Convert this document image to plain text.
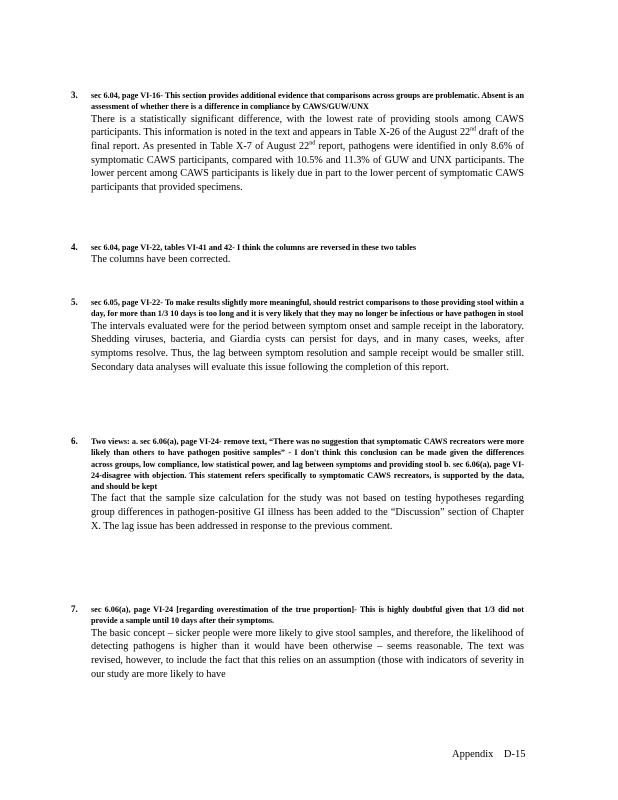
3. sec 6.04, page VI-16- This section provides additional evidence that comparisons across groups are problematic. Absent is an assessment of whether there is a difference in compliance by CAWS/GUW/UNX
There is a statistically significant difference, with the lowest rate of providing stools among CAWS participants. This information is noted in the text and appears in Table X-26 of the August 22nd draft of the final report. As presented in Table X-7 of August 22nd report, pathogens were identified in only 8.6% of symptomatic CAWS participants, compared with 10.5% and 11.3% of GUW and UNX participants. The lower percent among CAWS participants is likely due in part to the lower percent of symptomatic CAWS participants that provided specimens.
4. sec 6.04, page VI-22, tables VI-41 and 42- I think the columns are reversed in these two tables
The columns have been corrected.
5. sec 6.05, page VI-22- To make results slightly more meaningful, should restrict comparisons to those providing stool within a day, for more than 1/3 10 days is too long and it is very likely that they may no longer be infectious or have pathogen in stool
The intervals evaluated were for the period between symptom onset and sample receipt in the laboratory. Shedding viruses, bacteria, and Giardia cysts can persist for days, and in many cases, weeks, after symptoms resolve. Thus, the lag between symptom resolution and sample receipt would be smaller still. Secondary data analyses will evaluate this issue following the completion of this report.
6. Two views: a. sec 6.06(a), page VI-24- remove text, “There was no suggestion that symptomatic CAWS recreators were more likely than others to have pathogen positive samples” - I don't think this conclusion can be made given the differences across groups, low compliance, low statistical power, and lag between symptoms and providing stool b. sec 6.06(a), page VI-24-disagree with objection. This statement refers specifically to symptomatic CAWS recreators, is supported by the data, and should be kept
The fact that the sample size calculation for the study was not based on testing hypotheses regarding group differences in pathogen-positive GI illness has been added to the “Discussion” section of Chapter X. The lag issue has been addressed in response to the previous comment.
7. sec 6.06(a), page VI-24 [regarding overestimation of the true proportion]- This is highly doubtful given that 1/3 did not provide a sample until 10 days after their symptoms.
The basic concept – sicker people were more likely to give stool samples, and therefore, the likelihood of detecting pathogens is higher than it would have been otherwise – seems reasonable. The text was revised, however, to include the fact that this relies on an assumption (those with indicators of severity in our study are more likely to have
Appendix D-15
